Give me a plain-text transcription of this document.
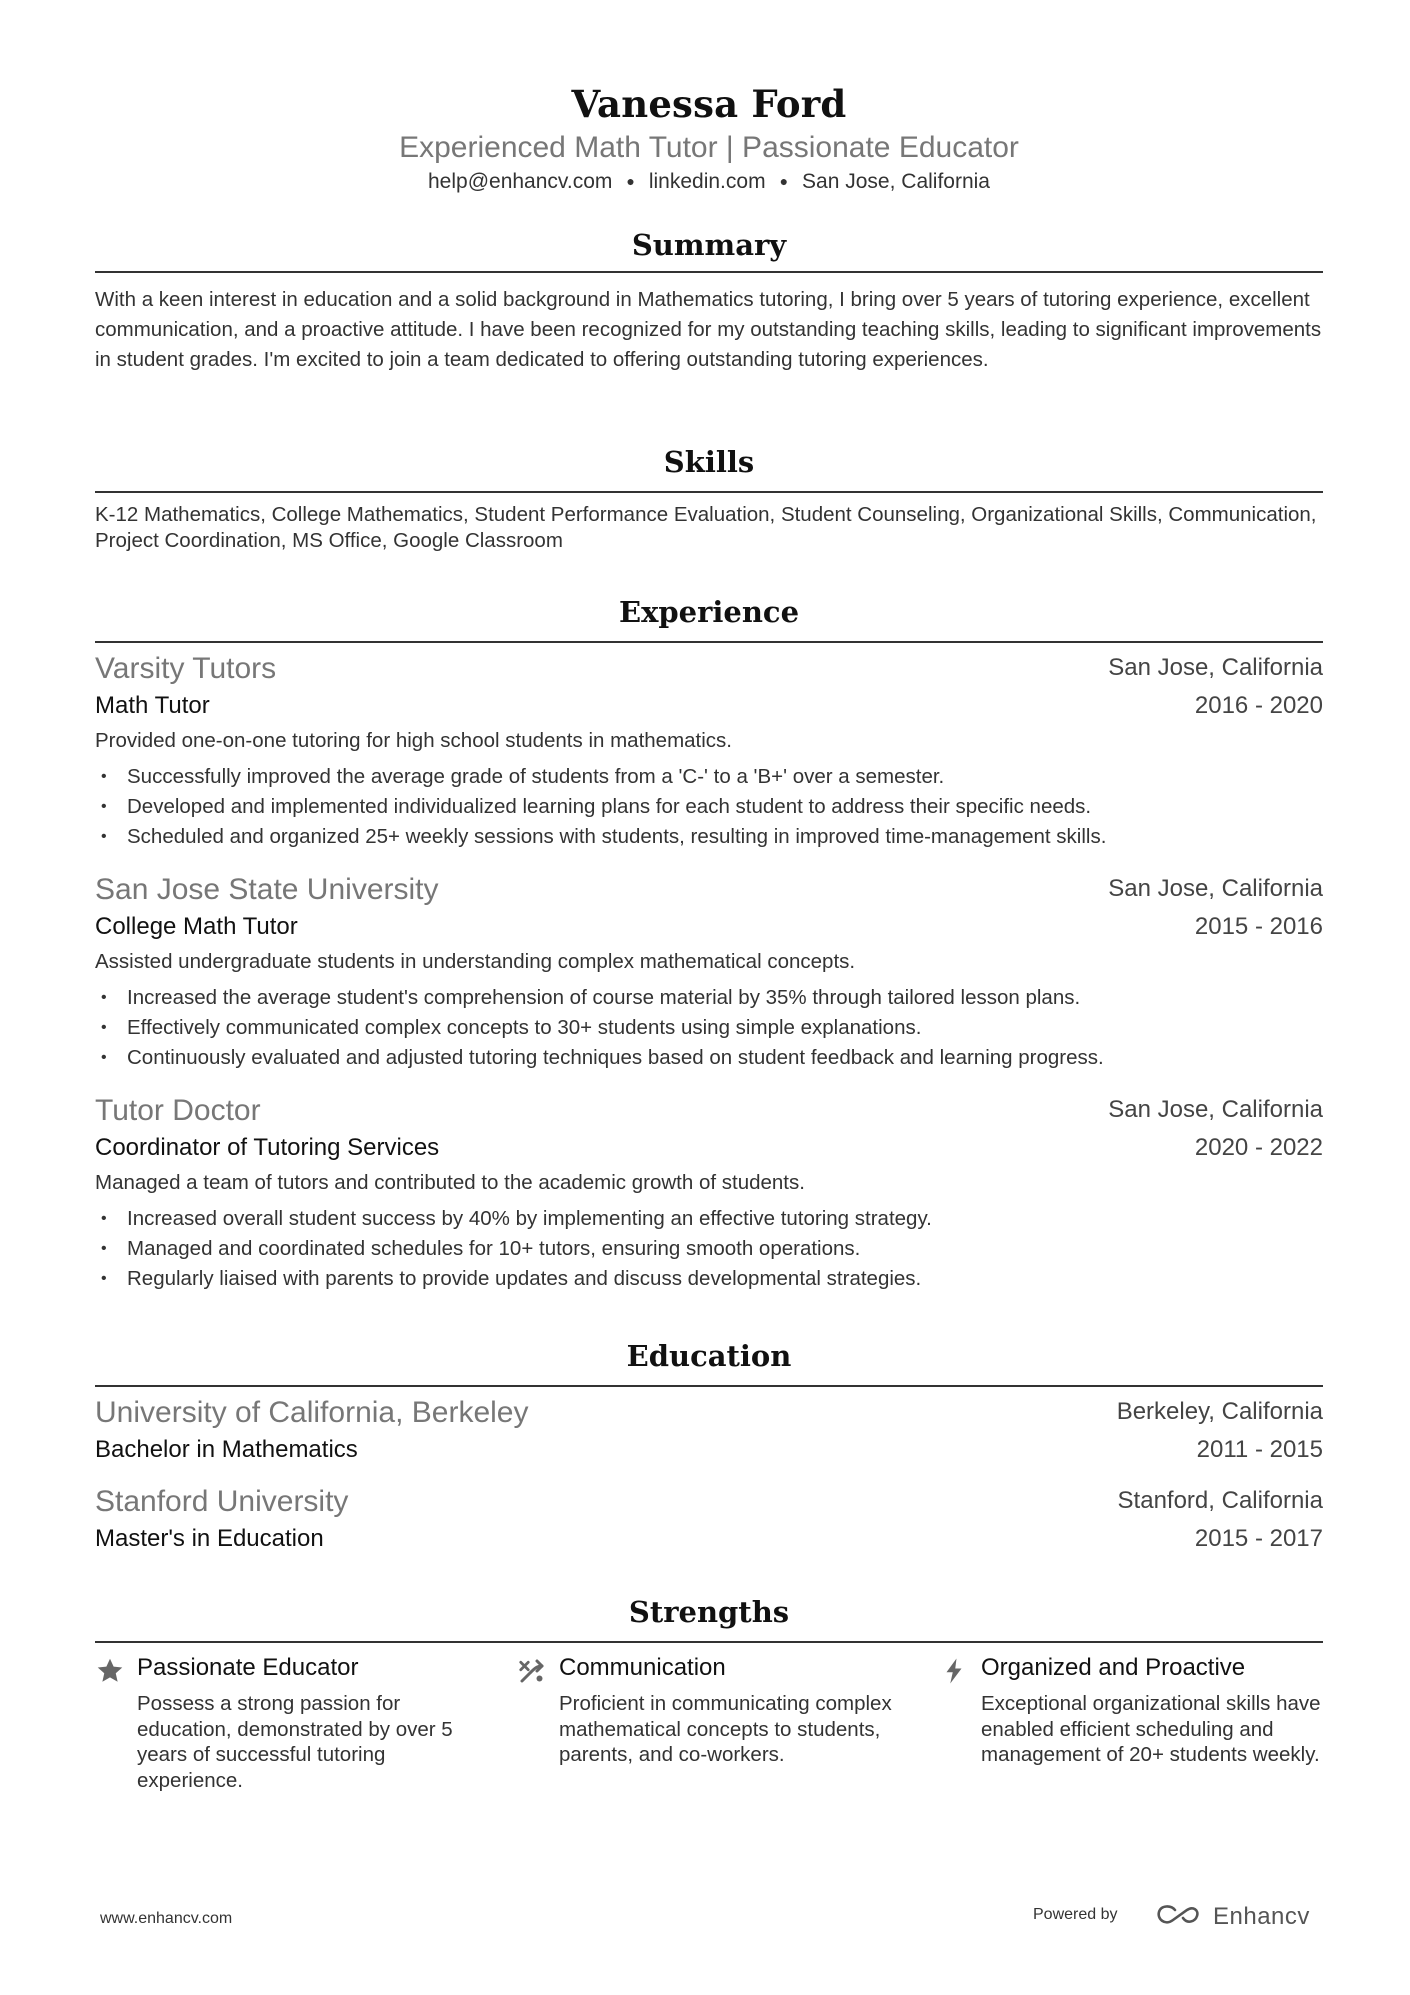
Vanessa Ford
Experienced Math Tutor | Passionate Educator
help@enhancv.com ● linkedin.com ● San Jose, California
Summary
With a keen interest in education and a solid background in Mathematics tutoring, I bring over 5 years of tutoring experience, excellent communication, and a proactive attitude. I have been recognized for my outstanding teaching skills, leading to significant improvements in student grades. I'm excited to join a team dedicated to offering outstanding tutoring experiences.
Skills
K-12 Mathematics, College Mathematics, Student Performance Evaluation, Student Counseling, Organizational Skills, Communication, Project Coordination, MS Office, Google Classroom
Experience
Varsity Tutors	San Jose, California
Math Tutor	2016 - 2020
Provided one-on-one tutoring for high school students in mathematics.
• Successfully improved the average grade of students from a 'C-' to a 'B+' over a semester.
• Developed and implemented individualized learning plans for each student to address their specific needs.
• Scheduled and organized 25+ weekly sessions with students, resulting in improved time-management skills.
San Jose State University	San Jose, California
College Math Tutor	2015 - 2016
Assisted undergraduate students in understanding complex mathematical concepts.
• Increased the average student's comprehension of course material by 35% through tailored lesson plans.
• Effectively communicated complex concepts to 30+ students using simple explanations.
• Continuously evaluated and adjusted tutoring techniques based on student feedback and learning progress.
Tutor Doctor	San Jose, California
Coordinator of Tutoring Services	2020 - 2022
Managed a team of tutors and contributed to the academic growth of students.
• Increased overall student success by 40% by implementing an effective tutoring strategy.
• Managed and coordinated schedules for 10+ tutors, ensuring smooth operations.
• Regularly liaised with parents to provide updates and discuss developmental strategies.
Education
University of California, Berkeley	Berkeley, California
Bachelor in Mathematics	2011 - 2015
Stanford University	Stanford, California
Master's in Education	2015 - 2017
Strengths
Passionate Educator
Possess a strong passion for education, demonstrated by over 5 years of successful tutoring experience.
Communication
Proficient in communicating complex mathematical concepts to students, parents, and co-workers.
Organized and Proactive
Exceptional organizational skills have enabled efficient scheduling and management of 20+ students weekly.
www.enhancv.com	Powered by	Enhancv
